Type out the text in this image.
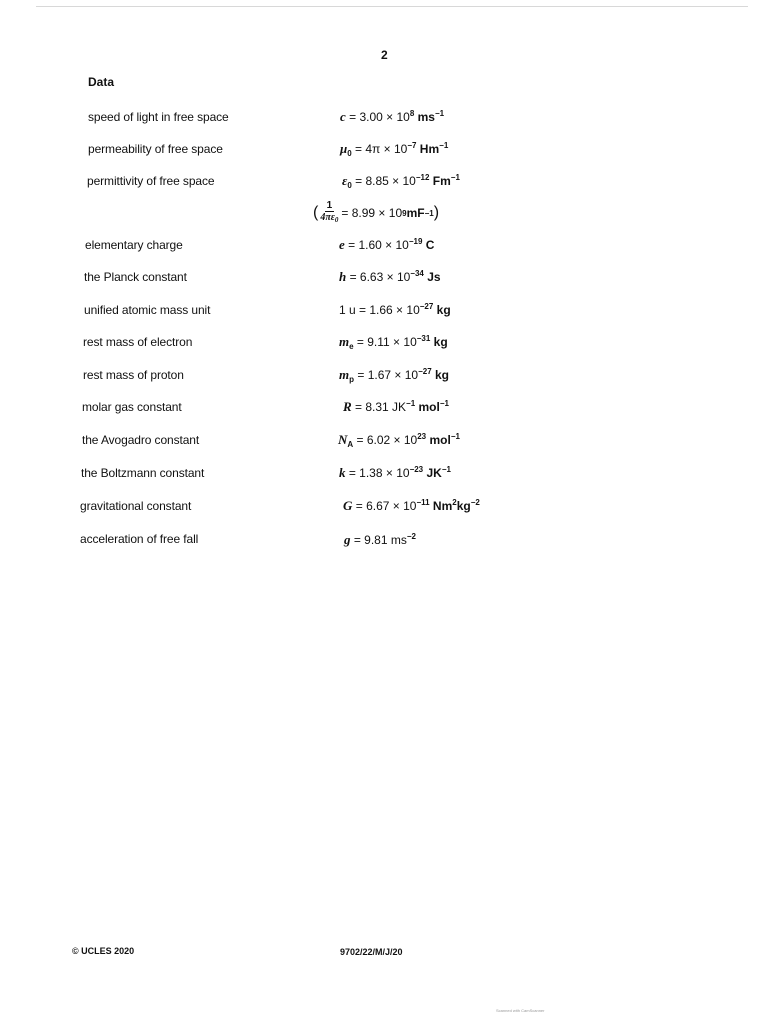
2
Data
speed of light in free space	$c = 3.00 \times 10^8$ $ms^{-1}$
permeability of free space	$\mu_0 = 4\pi \times 10^{-7}$ $Hm^{-1}$
permittivity of free space	$\varepsilon_0 = 8.85 \times 10^{-12}$ $Fm^{-1}$
( $\frac{1}{4\pi\varepsilon_0} = 8.99 \times 10$ 9 mF −1 )
elementary charge	$e = 1.60 \times 10^{-19}$ C
the Planck constant	$h = 6.63 \times 10^{-34}$ Js
unified atomic mass unit	1 $u = 1.66 \times 10^{-27}$ kg
rest mass of electron	$m_e = 9.11 \times 10^{-31}$ kg
rest mass of proton	$m_p = 1.67 \times 10^{-27}$ kg
molar gas constant	R = 8.31 $JK^{-1}$ mol$^{-1}$
the Avogadro constant	$N_A = 6.02 \times 10^{23}$ mol$^{-1}$
the Boltzmann constant	$k = 1.38 \times 10^{-23}$ $JK^{-1}$
gravitational constant	$G = 6.67 \times 10^{-11}$ $Nm^2kg^{-2}$
acceleration of free fall	g = 9.81 $ms^{-2}$
© UCLES 2020	9702/22/M/J/20
Scanned with CamScanner
